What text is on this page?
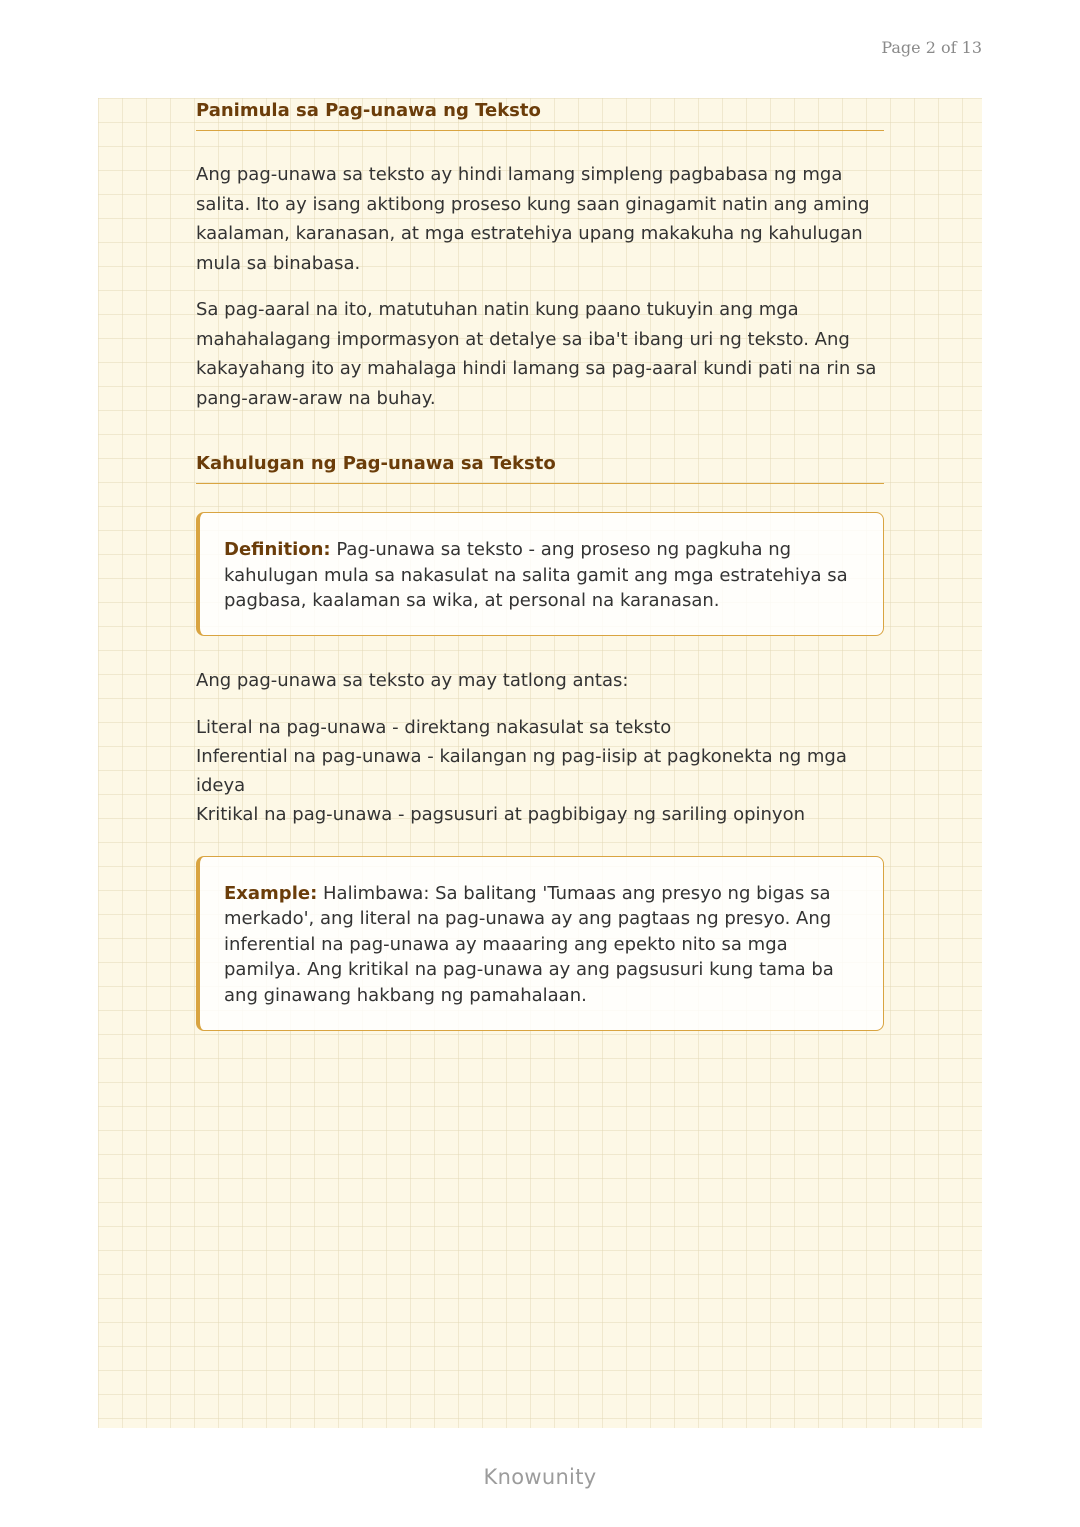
Page 2 of 13
Panimula sa Pag-unawa ng Teksto

Ang pag-unawa sa teksto ay hindi lamang simpleng pagbabasa ng mga salita. Ito ay isang aktibong proseso kung saan ginagamit natin ang aming kaalaman, karanasan, at mga estratehiya upang makakuha ng kahulugan mula sa binabasa.

Sa pag-aaral na ito, matutuhan natin kung paano tukuyin ang mga mahahalagang impormasyon at detalye sa iba't ibang uri ng teksto. Ang kakayahang ito ay mahalaga hindi lamang sa pag-aaral kundi pati na rin sa pang-araw-araw na buhay.

Kahulugan ng Pag-unawa sa Teksto
Definition: Pag-unawa sa teksto - ang proseso ng pagkuha ng kahulugan mula sa nakasulat na salita gamit ang mga estratehiya sa pagbasa, kaalaman sa wika, at personal na karanasan.

Ang pag-unawa sa teksto ay may tatlong antas:

Literal na pag-unawa - direktang nakasulat sa teksto
Inferential na pag-unawa - kailangan ng pag-iisip at pagkonekta ng mga ideya
Kritikal na pag-unawa - pagsusuri at pagbibigay ng sariling opinyon
Example: Halimbawa: Sa balitang 'Tumaas ang presyo ng bigas sa merkado', ang literal na pag-unawa ay ang pagtaas ng presyo. Ang inferential na pag-unawa ay maaaring ang epekto nito sa mga pamilya. Ang kritikal na pag-unawa ay ang pagsusuri kung tama ba ang ginawang hakbang ng pamahalaan.
Knowunity
